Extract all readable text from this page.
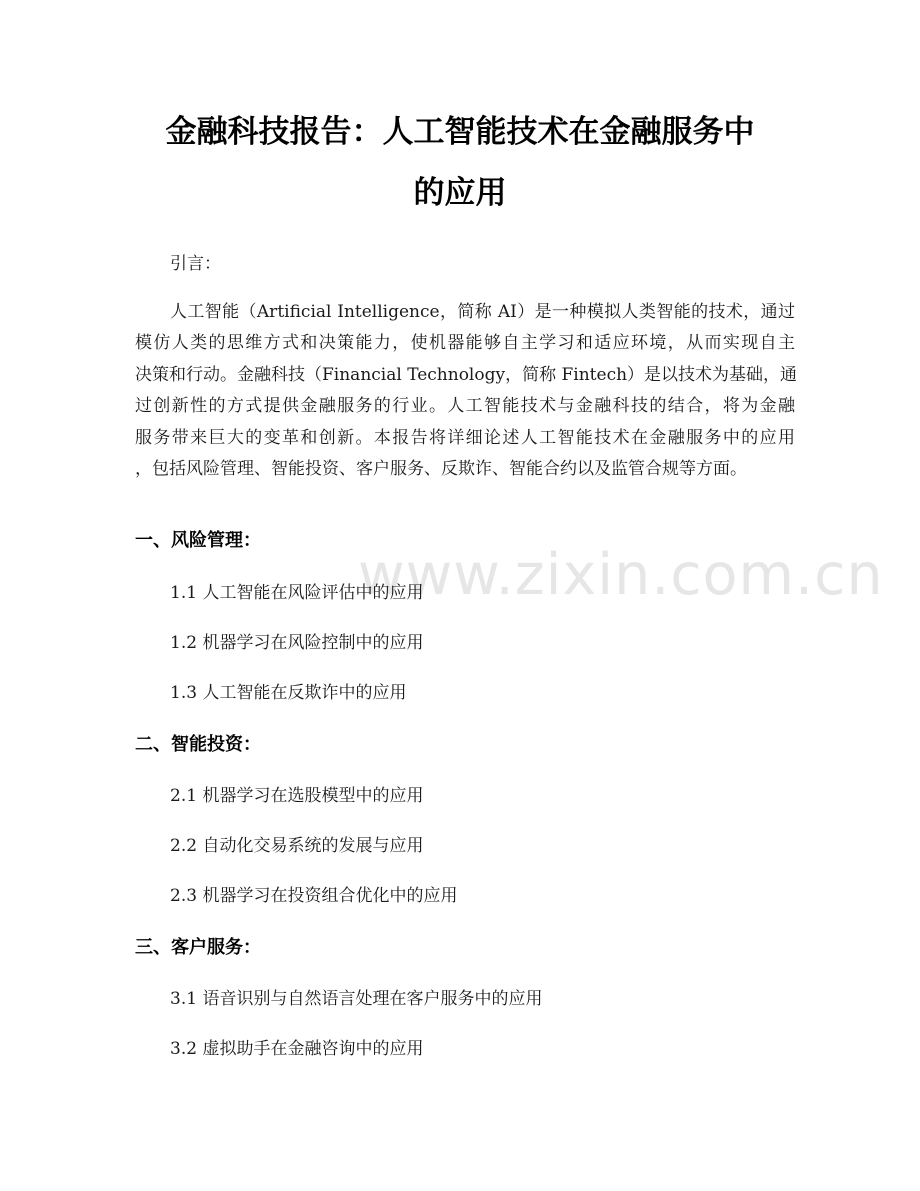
www.zixin.com.cn
金融科技报告：人工智能技术在金融服务中
的应用
引言：
人工智能（Artificial Intelligence，简称 AI）是一种模拟人类智能的技术，通过
模仿人类的思维方式和决策能力，使机器能够自主学习和适应环境，从而实现自主
决策和行动。金融科技（Financial Technology，简称 Fintech）是以技术为基础，通
过创新性的方式提供金融服务的行业。人工智能技术与金融科技的结合，将为金融
服务带来巨大的变革和创新。本报告将详细论述人工智能技术在金融服务中的应用
，包括风险管理、智能投资、客户服务、反欺诈、智能合约以及监管合规等方面。
一、风险管理：
1.1 人工智能在风险评估中的应用
1.2 机器学习在风险控制中的应用
1.3 人工智能在反欺诈中的应用
二、智能投资：
2.1 机器学习在选股模型中的应用
2.2 自动化交易系统的发展与应用
2.3 机器学习在投资组合优化中的应用
三、客户服务：
3.1 语音识别与自然语言处理在客户服务中的应用
3.2 虚拟助手在金融咨询中的应用
